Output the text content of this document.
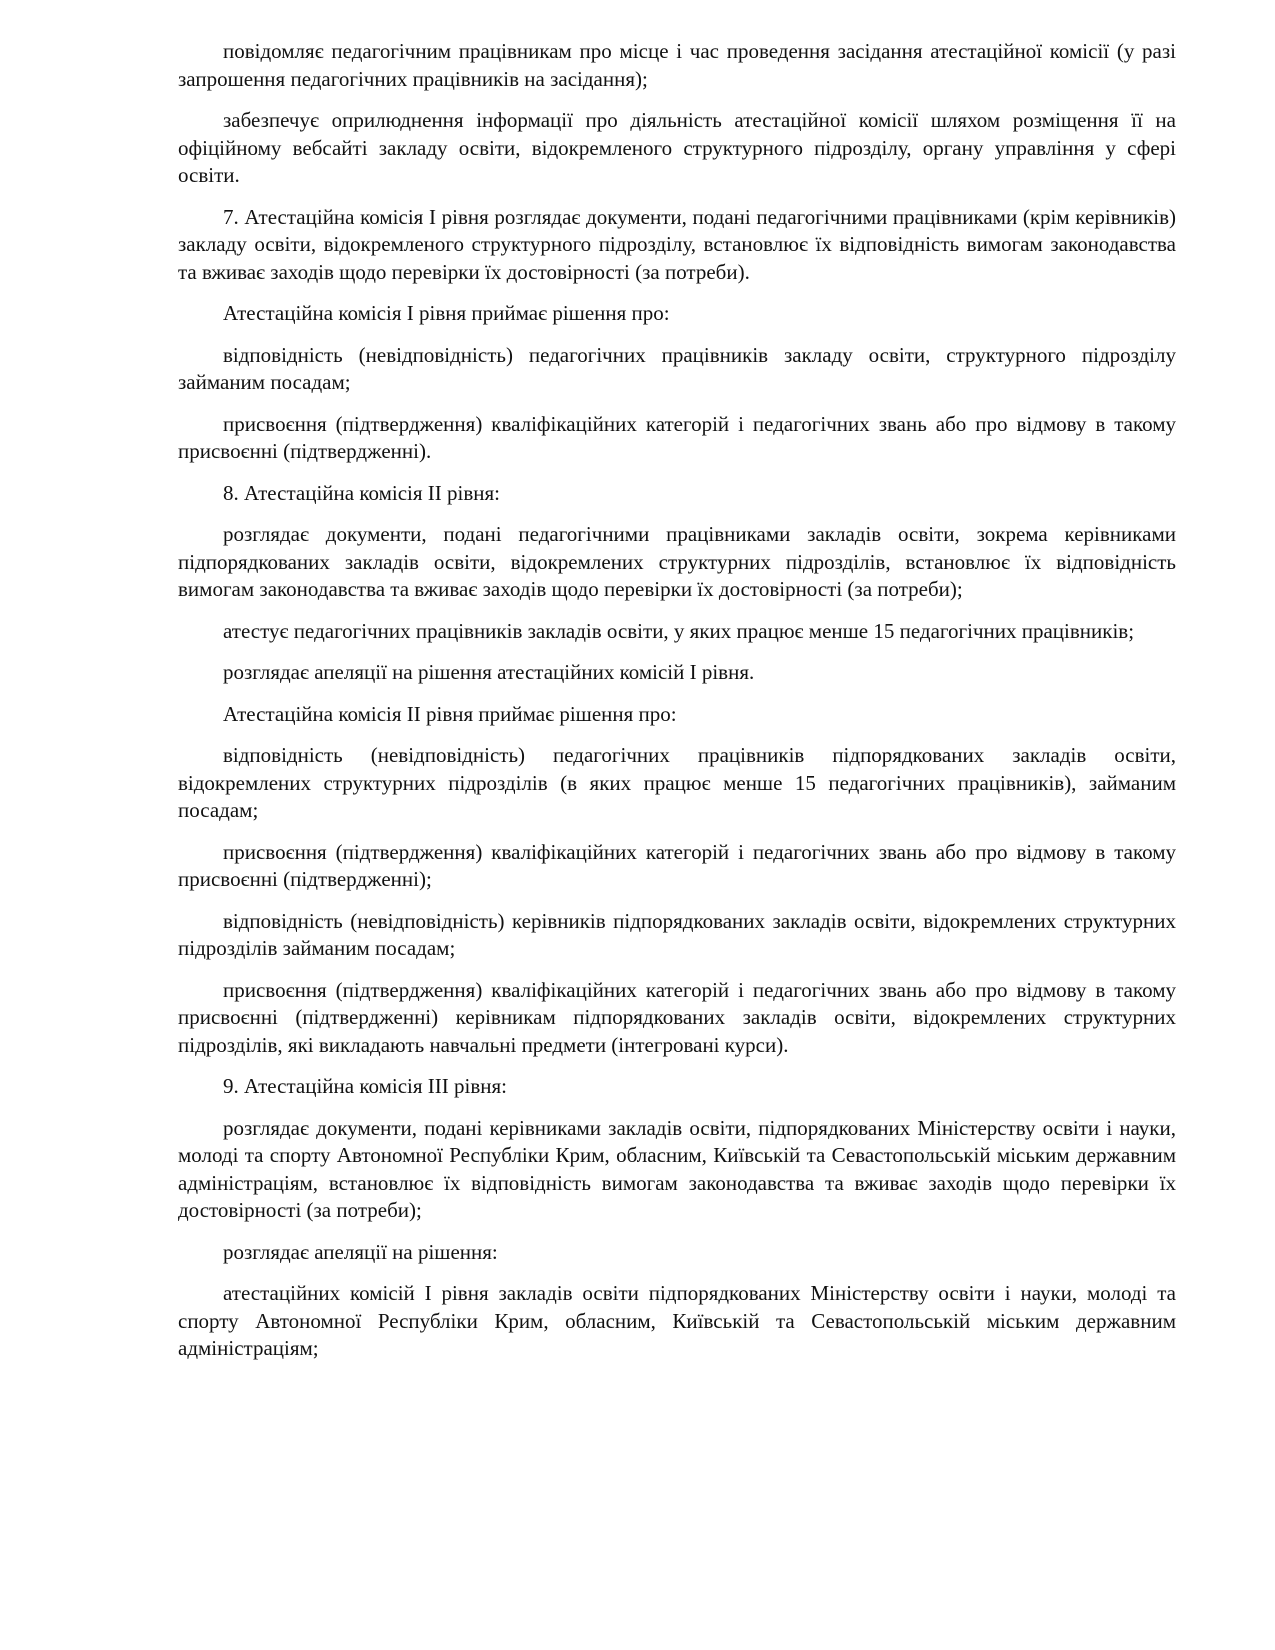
повідомляє педагогічним працівникам про місце і час проведення засідання атестаційної комісії (у разі запрошення педагогічних працівників на засідання);

забезпечує оприлюднення інформації про діяльність атестаційної комісії шляхом розміщення її на офіційному вебсайті закладу освіти, відокремленого структурного підрозділу, органу управління у сфері освіти.

7. Атестаційна комісія І рівня розглядає документи, подані педагогічними працівниками (крім керівників) закладу освіти, відокремленого структурного підрозділу, встановлює їх відповідність вимогам законодавства та вживає заходів щодо перевірки їх достовірності (за потреби).

Атестаційна комісія І рівня приймає рішення про:

відповідність (невідповідність) педагогічних працівників закладу освіти, структурного підрозділу займаним посадам;

присвоєння (підтвердження) кваліфікаційних категорій і педагогічних звань або про відмову в такому присвоєнні (підтвердженні).

8. Атестаційна комісія ІІ рівня:

розглядає документи, подані педагогічними працівниками закладів освіти, зокрема керівниками підпорядкованих закладів освіти, відокремлених структурних підрозділів, встановлює їх відповідність вимогам законодавства та вживає заходів щодо перевірки їх достовірності (за потреби);

атестує педагогічних працівників закладів освіти, у яких працює менше 15 педагогічних працівників;

розглядає апеляції на рішення атестаційних комісій І рівня.

Атестаційна комісія ІІ рівня приймає рішення про:

відповідність (невідповідність) педагогічних працівників підпорядкованих закладів освіти, відокремлених структурних підрозділів (в яких працює менше 15 педагогічних працівників), займаним посадам;

присвоєння (підтвердження) кваліфікаційних категорій і педагогічних звань або про відмову в такому присвоєнні (підтвердженні);

відповідність (невідповідність) керівників підпорядкованих закладів освіти, відокремлених структурних підрозділів займаним посадам;

присвоєння (підтвердження) кваліфікаційних категорій і педагогічних звань або про відмову в такому присвоєнні (підтвердженні) керівникам підпорядкованих закладів освіти, відокремлених структурних підрозділів, які викладають навчальні предмети (інтегровані курси).

9. Атестаційна комісія ІІІ рівня:

розглядає документи, подані керівниками закладів освіти, підпорядкованих Міністерству освіти і науки, молоді та спорту Автономної Республіки Крим, обласним, Київській та Севастопольській міським державним адміністраціям, встановлює їх відповідність вимогам законодавства та вживає заходів щодо перевірки їх достовірності (за потреби);

розглядає апеляції на рішення:

атестаційних комісій І рівня закладів освіти підпорядкованих Міністерству освіти і науки, молоді та спорту Автономної Республіки Крим, обласним, Київській та Севастопольській міським державним адміністраціям;
